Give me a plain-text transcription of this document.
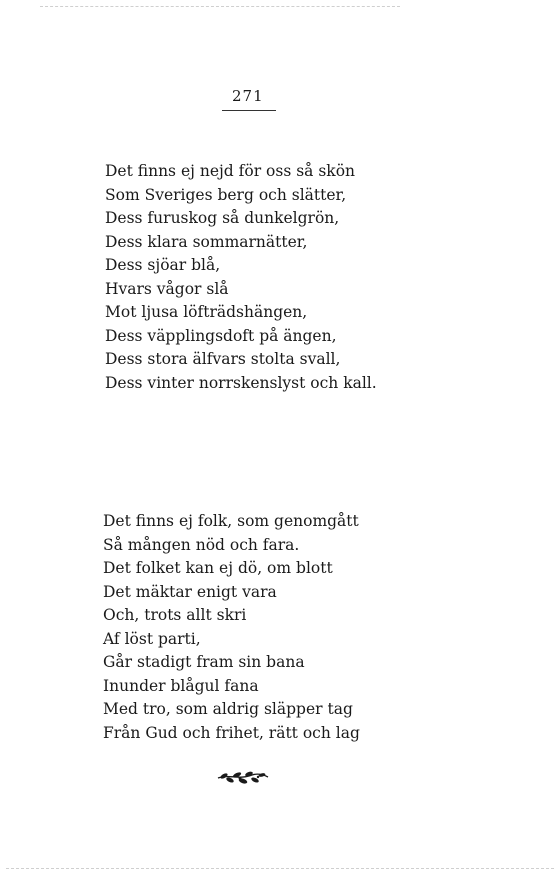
271
Det finns ej nejd för oss så skön
Som Sveriges berg och slätter,
Dess furuskog så dunkelgrön,
Dess klara sommarnätter,
Dess sjöar blå,
Hvars vågor slå
Mot ljusa löfträdshängen,
Dess väpplingsdoft på ängen,
Dess stora älfvars stolta svall,
Dess vinter norrskenslyst och kall.
Det finns ej folk, som genomgått
Så mången nöd och fara.
Det folket kan ej dö, om blott
Det mäktar enigt vara
Och, trots allt skri
Af löst parti,
Går stadigt fram sin bana
Inunder blågul fana
Med tro, som aldrig släpper tag
Från Gud och frihet, rätt och lag
